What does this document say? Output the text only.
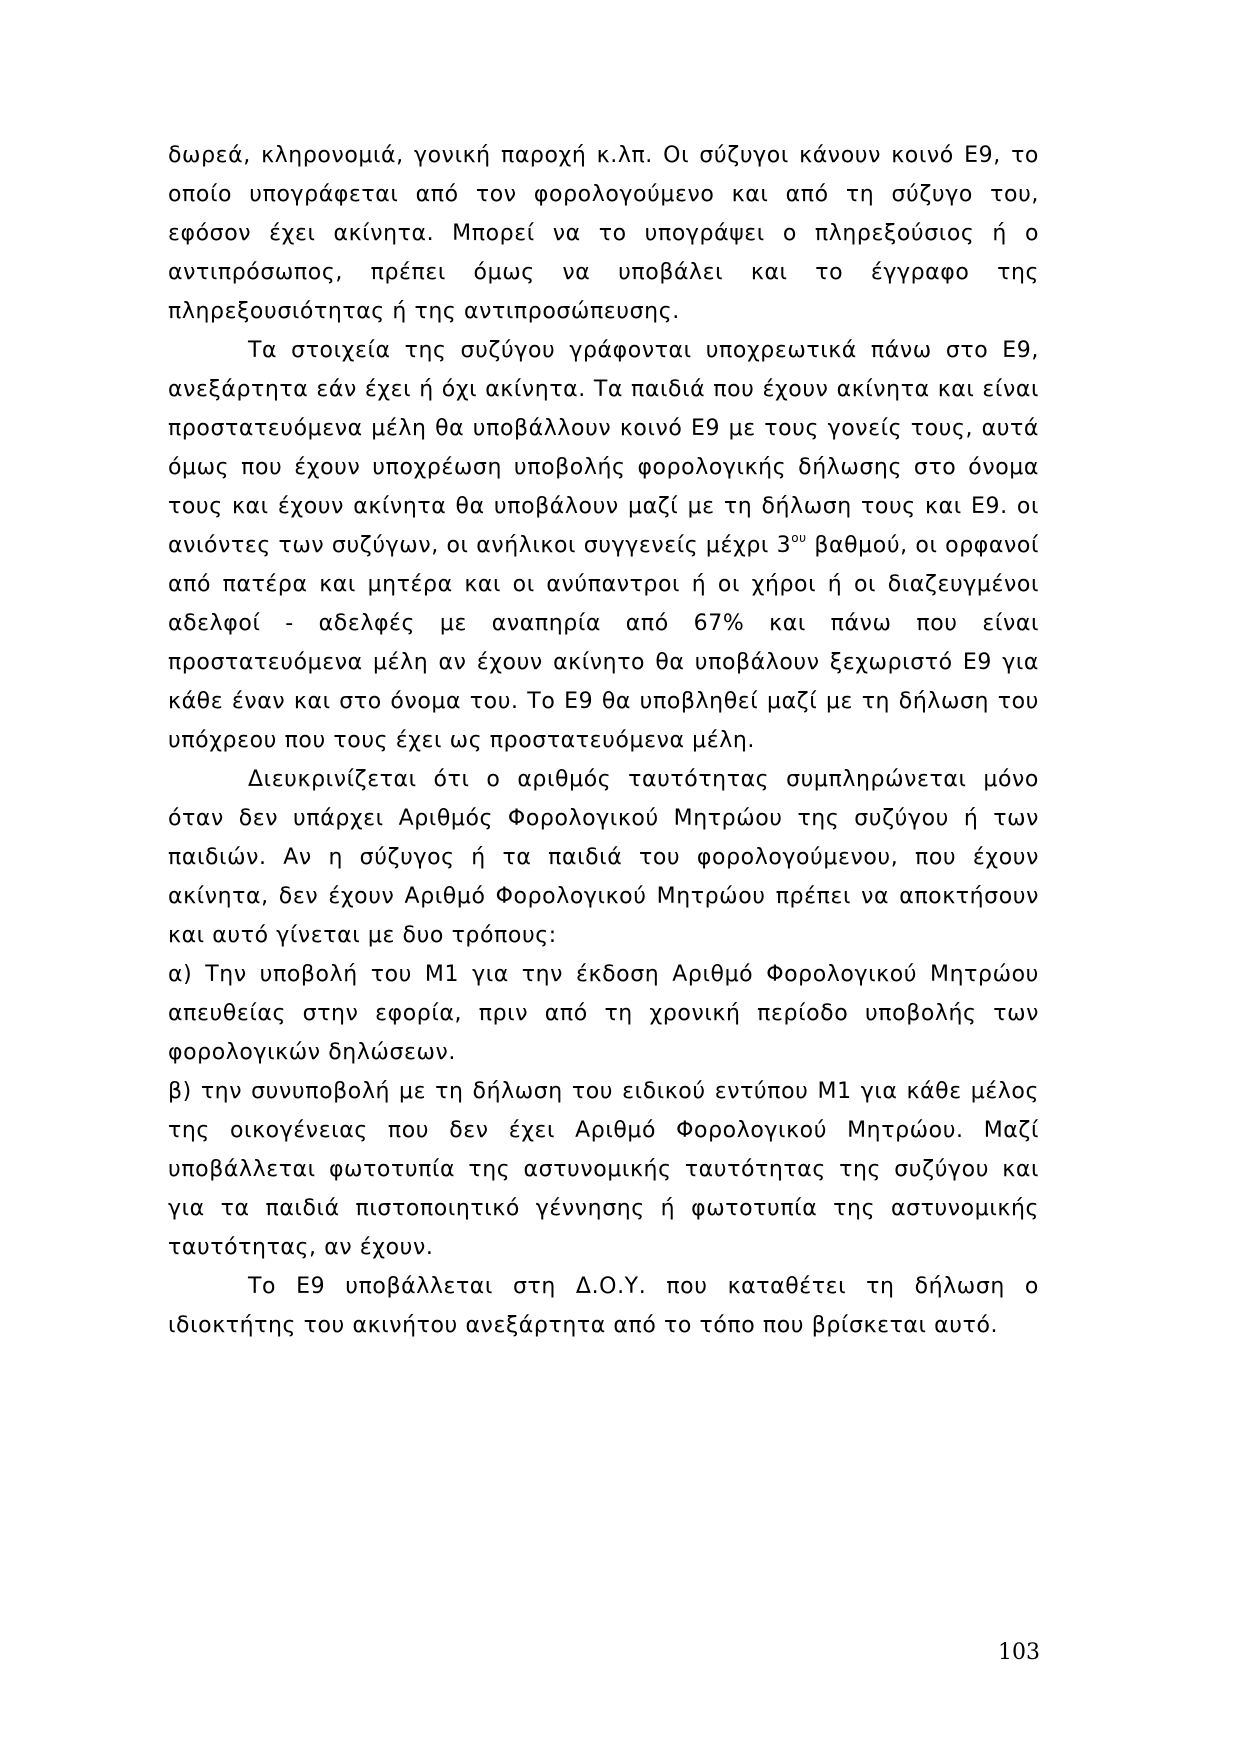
δωρεά, κληρονομιά, γονική παροχή κ.λπ. Οι σύζυγοι κάνουν κοινό Ε9, το οποίο υπογράφεται από τον φορολογούμενο και από τη σύζυγο του, εφόσον έχει ακίνητα. Μπορεί να το υπογράψει ο πληρεξούσιος ή ο αντιπρόσωπος, πρέπει όμως να υποβάλει και το έγγραφο της πληρεξουσιότητας ή της αντιπροσώπευσης.

Τα στοιχεία της συζύγου γράφονται υποχρεωτικά πάνω στο Ε9, ανεξάρτητα εάν έχει ή όχι ακίνητα. Τα παιδιά που έχουν ακίνητα και είναι προστατευόμενα μέλη θα υποβάλλουν κοινό Ε9 με τους γονείς τους, αυτά όμως που έχουν υποχρέωση υποβολής φορολογικής δήλωσης στο όνομα τους και έχουν ακίνητα θα υποβάλουν μαζί με τη δήλωση τους και Ε9. οι ανιόντες των συζύγων, οι ανήλικοι συγγενείς μέχρι $3^{o\upsilon}$ βαθμού, οι ορφανοί από πατέρα και μητέρα και οι ανύπαντροι ή οι χήροι ή οι διαζευγμένοι αδελφοί - αδελφές με αναπηρία από 67% και πάνω που είναι προστατευόμενα μέλη αν έχουν ακίνητο θα υποβάλουν ξεχωριστό Ε9 για κάθε έναν και στο όνομα του. Το Ε9 θα υποβληθεί μαζί με τη δήλωση του υπόχρεου που τους έχει ως προστατευόμενα μέλη.

Διευκρινίζεται ότι ο αριθμός ταυτότητας συμπληρώνεται μόνο όταν δεν υπάρχει Αριθμός Φορολογικού Μητρώου της συζύγου ή των παιδιών. Αν η σύζυγος ή τα παιδιά του φορολογούμενου, που έχουν ακίνητα, δεν έχουν Αριθμό Φορολογικού Μητρώου πρέπει να αποκτήσουν και αυτό γίνεται με δυο τρόπους:

α) Την υποβολή του Μ1 για την έκδοση Αριθμό Φορολογικού Μητρώου απευθείας στην εφορία, πριν από τη χρονική περίοδο υποβολής των φορολογικών δηλώσεων.

β) την συνυποβολή με τη δήλωση του ειδικού εντύπου Μ1 για κάθε μέλος της οικογένειας που δεν έχει Αριθμό Φορολογικού Μητρώου. Μαζί υποβάλλεται φωτοτυπία της αστυνομικής ταυτότητας της συζύγου και για τα παιδιά πιστοποιητικό γέννησης ή φωτοτυπία της αστυνομικής ταυτότητας, αν έχουν.

Το Ε9 υποβάλλεται στη Δ.Ο.Υ. που καταθέτει τη δήλωση ο ιδιοκτήτης του ακινήτου ανεξάρτητα από το τόπο που βρίσκεται αυτό.

103
